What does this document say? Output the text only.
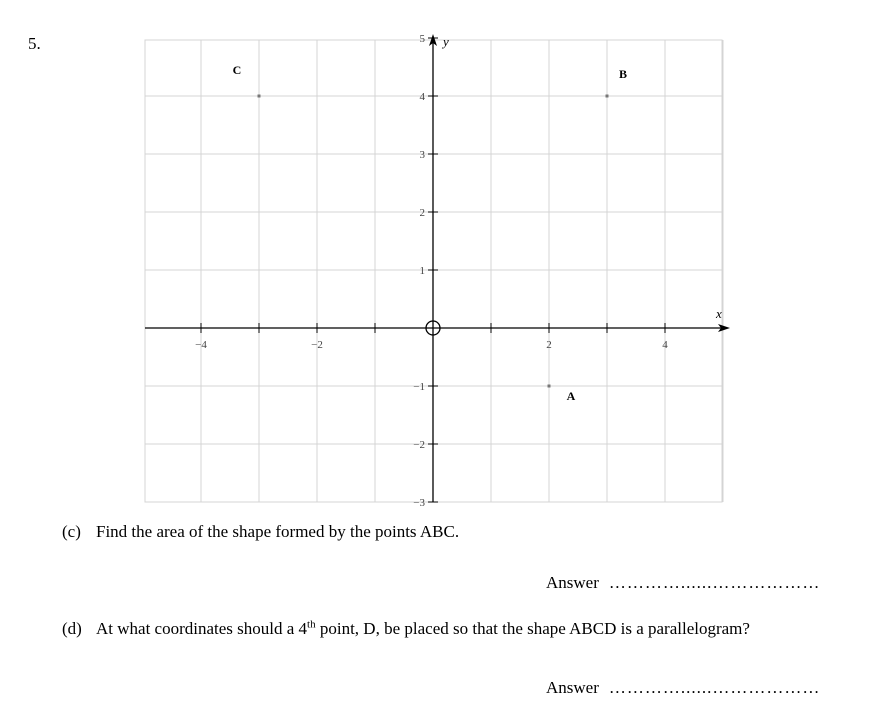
5.
x
y
−4	−2	2	4
5
4
3
2
1
−1
−2
−3
C	B
A
(c) Find the area of the shape formed by the points ABC.
Answer …………......………………
(d) At what coordinates should a 4th point, D, be placed so that the shape ABCD is a parallelogram?
Answer …………......………………
